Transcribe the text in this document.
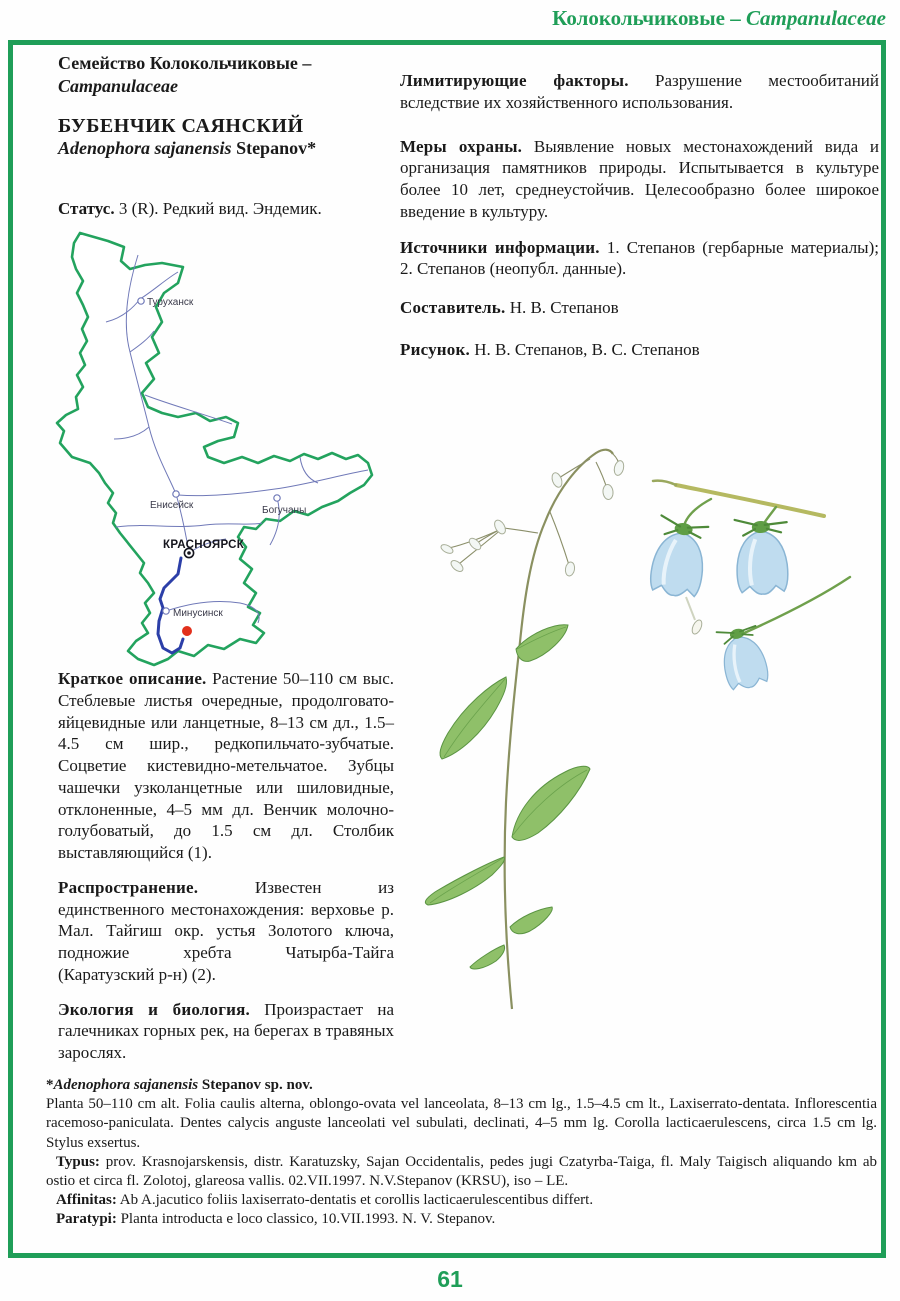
Колокольчиковые – Campanulaceae

Семейство Колокольчиковые –
Campanulaceae

БУБЕНЧИК САЯНСКИЙ
Adenophora sajanensis Stepanov*

Статус. 3 (R). Редкий вид. Эндемик.

Туруханск
Енисейск	Богучаны
КРАСНОЯРСК
Минусинск

Краткое описание. Растение 50–110 см выс. Стеблевые листья очередные, продолговато-яйцевидные или ланцетные, 8–13 см дл., 1.5–4.5 см шир., редкопильчато-зубчатые. Соцветие кистевидно-метельчатое. Зубцы чашечки узколанцетные или шиловидные, отклоненные, 4–5 мм дл. Венчик молочно-голубоватый, до 1.5 см дл. Столбик выставляющийся (1).

Распространение. Известен из единственного местонахождения: верховье р. Мал. Тайгиш окр. устья Золотого ключа, подножие хребта Чатырба-Тайга (Каратузский р-н) (2).

Экология и биология. Произрастает на галечниках горных рек, на берегах в травяных зарослях.

Лимитирующие факторы. Разрушение местообитаний вследствие их хозяйственного использования.

Меры охраны. Выявление новых местонахождений вида и организация памятников природы. Испытывается в культуре более 10 лет, среднеустойчив. Целесообразно более широкое введение в культуру.

Источники информации. 1. Степанов (гербарные материалы); 2. Степанов (неопубл. данные).

Составитель. Н. В. Степанов

Рисунок. Н. В. Степанов, В. С. Степанов

*Adenophora sajanensis Stepanov sp. nov.

Planta 50–110 cm alt. Folia caulis alterna, oblongo-ovata vel lanceolata, 8–13 cm lg., 1.5–4.5 cm lt., Laxiserrato-dentata. Inflorescentia racemoso-paniculata. Dentes calycis anguste lanceolati vel subulati, declinati, 4–5 mm lg. Corolla lacticaerulescens, circa 1.5 cm lg. Stylus exsertus.

Typus: prov. Krasnojarskensis, distr. Karatuzsky, Sajan Occidentalis, pedes jugi Czatyrba-Taiga, fl. Maly Taigisch aliquando km ab ostio et circa fl. Zolotoj, glareosa vallis. 02.VII.1997. N.V.Stepanov (KRSU), iso – LE.

Affinitas: Ab A.jacutico foliis laxiserrato-dentatis et corollis lacticaerulescentibus differt.

Paratypi: Planta introducta e loco classico, 10.VII.1993. N. V. Stepanov.

61
